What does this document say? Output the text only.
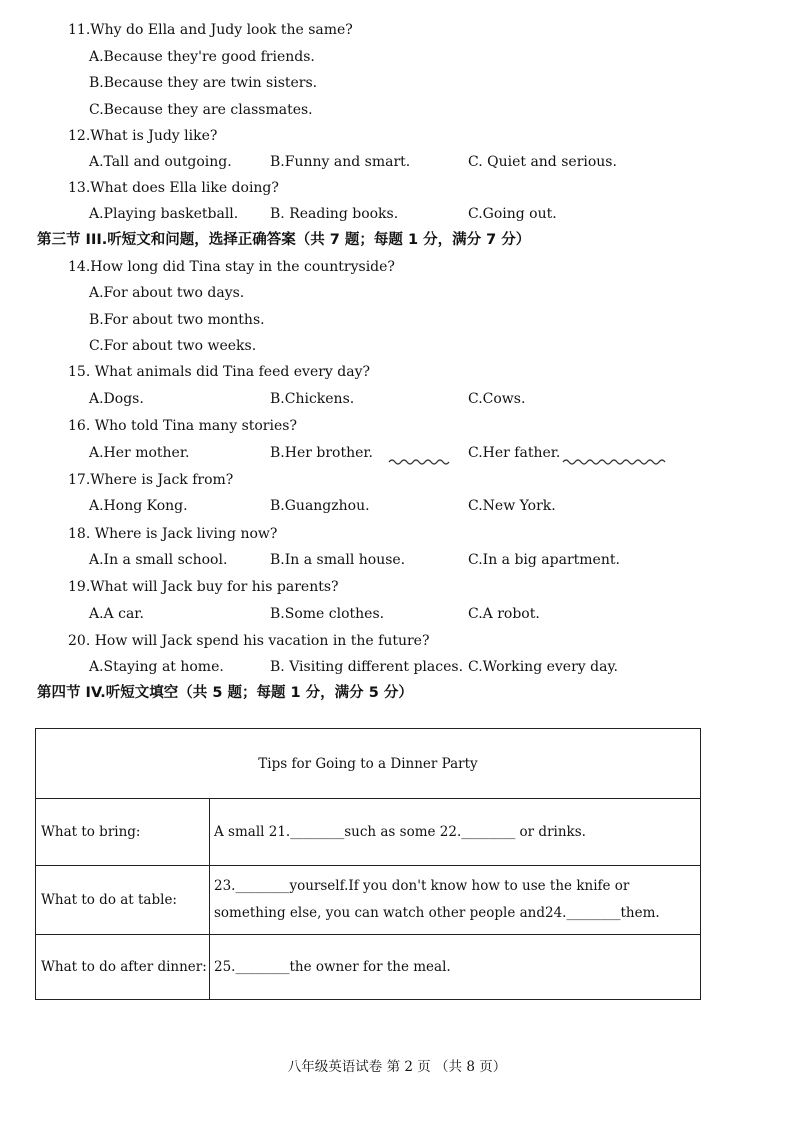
11.Why do Ella and Judy look the same?
A.Because they're good friends.
B.Because they are twin sisters.
C.Because they are classmates.
12.What is Judy like?
A.Tall and outgoing.	B.Funny and smart.	C. Quiet and serious.
13.What does Ella like doing?
A.Playing basketball. B. Reading books.	C.Going out.
第三节 III.听短文和问题，选择正确答案（共 7 题；每题 1 分，满分 7 分）
14.How long did Tina stay in the countryside?
A.For about two days.
B.For about two months.
C.For about two weeks.
15. What animals did Tina feed every day?
A.Dogs.	B.Chickens.	C.Cows.
16. Who told Tina many stories?
A.Her mother.	B.Her brother.	C.Her father.
17.Where is Jack from?
A.Hong Kong.	B.Guangzhou.	C.New York.
18. Where is Jack living now?
A.In a small school.	B.In a small house.	C.In a big apartment.
19.What will Jack buy for his parents?
A.A car.	B.Some clothes.	C.A robot.
20. How will Jack spend his vacation in the future?
A.Staying at home.	B. Visiting different places. C.Working every day.
第四节 IV.听短文填空（共 5 题；每题 1 分，满分 5 分）
Tips for Going to a Dinner Party	
What to bring:	A small 21.________such as some 22.________ or drinks.
What to do at table:	23.________yourself.If you don't know how to use the knife or
something else, you can watch other people and24.________them.

What to do after dinner:	25.________the owner for the meal.
八年级英语试卷 第 2 页 （共 8 页）
